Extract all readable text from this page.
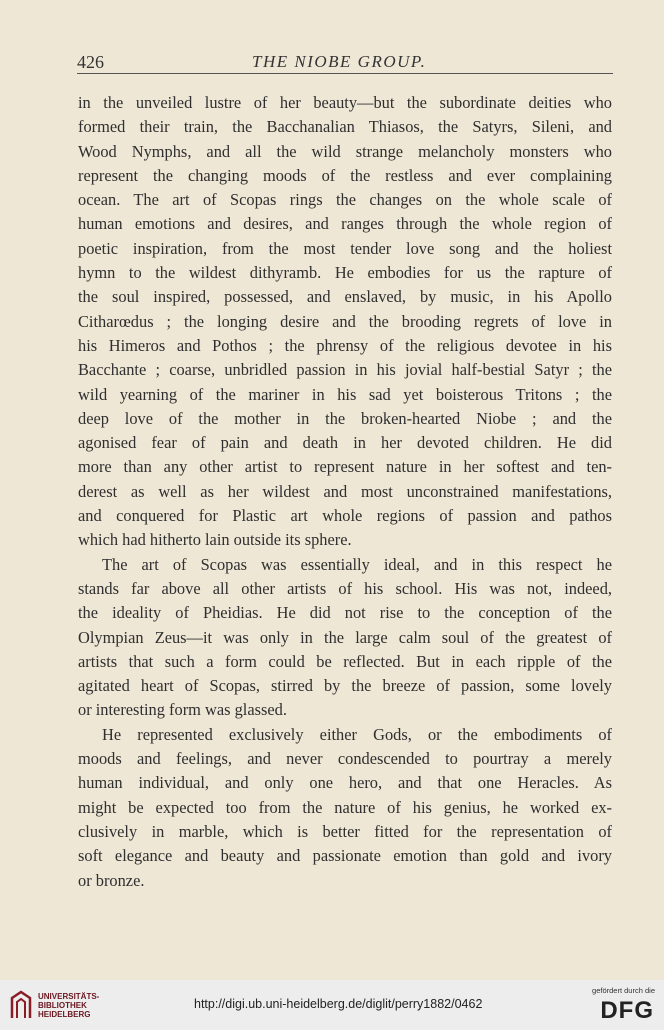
426	THE NIOBE GROUP.
in the unveiled lustre of her beauty—but the subordinate deities who
formed their train, the Bacchanalian Thiasos, the Satyrs, Sileni, and
Wood Nymphs, and all the wild strange melancholy monsters who
represent the changing moods of the restless and ever complaining
ocean. The art of Scopas rings the changes on the whole scale of
human emotions and desires, and ranges through the whole region of
poetic inspiration, from the most tender love song and the holiest
hymn to the wildest dithyramb. He embodies for us the rapture of
the soul inspired, possessed, and enslaved, by music, in his Apollo
Citharœdus ; the longing desire and the brooding regrets of love in
his Himeros and Pothos ; the phrensy of the religious devotee in his
Bacchante ; coarse, unbridled passion in his jovial half-bestial Satyr ; the
wild yearning of the mariner in his sad yet boisterous Tritons ; the
deep love of the mother in the broken-hearted Niobe ; and the
agonised fear of pain and death in her devoted children. He did
more than any other artist to represent nature in her softest and ten-
derest as well as her wildest and most unconstrained manifestations,
and conquered for Plastic art whole regions of passion and pathos
which had hitherto lain outside its sphere.
The art of Scopas was essentially ideal, and in this respect he
stands far above all other artists of his school. His was not, indeed,
the ideality of Pheidias. He did not rise to the conception of the
Olympian Zeus—it was only in the large calm soul of the greatest of
artists that such a form could be reflected. But in each ripple of the
agitated heart of Scopas, stirred by the breeze of passion, some lovely
or interesting form was glassed.
He represented exclusively either Gods, or the embodiments of
moods and feelings, and never condescended to pourtray a merely
human individual, and only one hero, and that one Heracles. As
might be expected too from the nature of his genius, he worked ex-
clusively in marble, which is better fitted for the representation of
soft elegance and beauty and passionate emotion than gold and ivory
or bronze.
UNIVERSITÄTS-
BIBLIOTHEK
HEIDELBERG
http://digi.ub.uni-heidelberg.de/diglit/perry1882/0462
gefördert durch die
DFG
